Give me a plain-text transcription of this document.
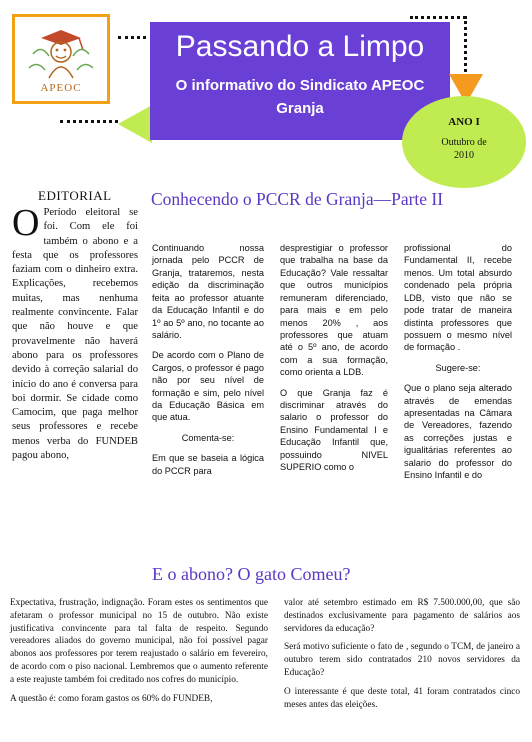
APEOC
Passando a Limpo
O informativo do Sindicato APEOC Granja
ANO I
Outubro de 2010
EDITORIAL
O Período eleitoral se foi. Com ele foi também o abono e a festa que os professores faziam com o dinheiro extra. Explicações, recebemos muitas, mas nenhuma realmente convincente. Falar que não houve e que provavelmente não haverá abono para os professores devido à correção salarial do início do ano é conversa para boi dormir. Se cidade como Camocim, que paga melhor seus professores e recebe menos verba do FUNDEB pagou abono,
Conhecendo o PCCR de Granja—Parte II

Continuando nossa jornada pelo PCCR de Granja, trataremos, nesta edição da discriminação feita ao professor atuante da Educação Infantil e do 1º ao 5º ano, no tocante ao salário.

De acordo com o Plano de Cargos, o professor é pago não por seu nível de formação e sim, pelo nível da Educação Básica em que atua.

Comenta-se:

Em que se baseia a lógica do PCCR para

desprestigiar o professor que trabalha na base da Educação? Vale ressaltar que outros municípios remuneram diferenciado, para mais e em pelo menos 20% , aos professores que atuam até o 5º ano, de acordo com a sua formação, como orienta a LDB.

O que Granja faz é discriminar através do salario o professor do Ensino Fundamental I e Educação Infantil que, possuindo NIVEL SUPERIO como o

profissional do Fundamental II, recebe menos. Um total absurdo condenado pela própria LDB, visto que não se pode tratar de maneira distinta professores que possuem o mesmo nível de formação .

Sugere-se:

Que o plano seja alterado através de emendas apresentadas na Câmara de Vereadores, fazendo as correções justas e igualitárias referentes ao salario do professor do Ensino Infantil e do

E o abono? O gato Comeu?

Expectativa, frustração, indignação. Foram estes os sentimentos que afetaram o professor municipal no 15 de outubro. Não existe justificativa convincente para tal falta de respeito. Segundo vereadores aliados do governo municipal, não foi possível pagar abonos aos professores por terem reajustado o salário em fevereiro, de acordo com o piso nacional. Lembremos que o aumento referente a este reajuste também foi creditado nos cofres do município.

A questão é: como foram gastos os 60% do FUNDEB,

valor até setembro estimado em R$ 7.500.000,00, que são destinados exclusivamente para pagamento de salários aos servidores da educação?

Será motivo suficiente o fato de , segundo o TCM, de janeiro a outubro terem sido contratados 210 novos servidores da Educação?

O interessante é que deste total, 41 foram contratados cinco meses antes das eleições.
